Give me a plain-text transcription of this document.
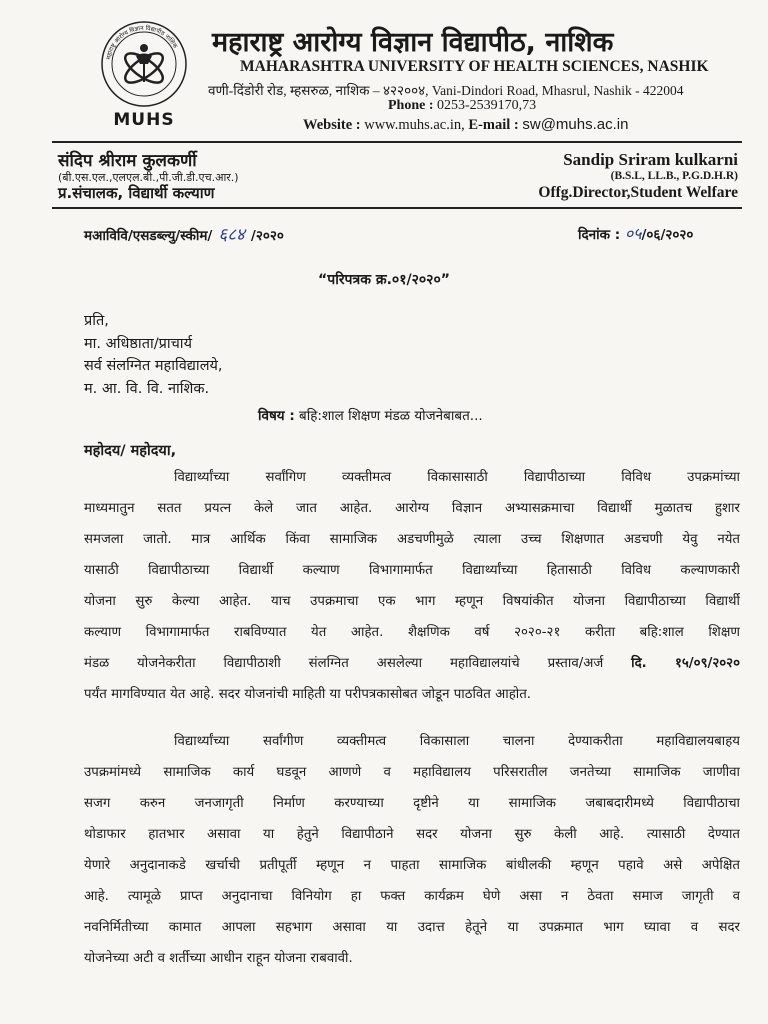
महाराष्ट्र आरोग्य विज्ञान विद्यापीठ नाशिक
MUHS
महाराष्ट्र आरोग्य विज्ञान विद्यापीठ, नाशिक
MAHARASHTRA UNIVERSITY OF HEALTH SCIENCES, NASHIK
वणी-दिंडोरी रोड, म्हसरुळ, नाशिक – ४२२००४, Vani-Dindori Road, Mhasrul, Nashik - 422004
Phone : 0253-2539170,73
Website : www.muhs.ac.in, E-mail : sw@muhs.ac.in
संदिप श्रीराम कुलकर्णी
(बी.एस.एल.,एलएल.बी.,पी.जी.डी.एच.आर.)
प्र.संचालक, विद्यार्थी कल्याण
Sandip Sriram kulkarni
(B.S.L, LL.B., P.G.D.H.R)
Offg.Director,Student Welfare
मआविवि/एसडब्ल्यु/स्कीम/ ६८४ /२०२०	दिनांक : ०५/०६/२०२०
“परिपत्रक क्र.०१/२०२०”
प्रति,
मा. अधिष्ठाता/प्राचार्य
सर्व संलग्नित महाविद्यालये,
म. आ. वि. वि. नाशिक.
विषय : बहि:शाल शिक्षण मंडळ योजनेबाबत...
महोदय/ महोदया,
विद्यार्थ्यांच्या सर्वांगिण व्यक्तीमत्व विकासासाठी विद्यापीठाच्या विविध उपक्रमांच्या
माध्यमातुन सतत प्रयत्न केले जात आहेत. आरोग्य विज्ञान अभ्यासक्रमाचा विद्यार्थी मुळातच हुशार
समजला जातो. मात्र आर्थिक किंवा सामाजिक अडचणीमुळे त्याला उच्च शिक्षणात अडचणी येवु नयेत
यासाठी विद्यापीठाच्या विद्यार्थी कल्याण विभागामार्फत विद्यार्थ्यांच्या हितासाठी विविध कल्याणकारी
योजना सुरु केल्या आहेत. याच उपक्रमाचा एक भाग म्हणून विषयांकीत योजना विद्यापीठाच्या विद्यार्थी
कल्याण विभागामार्फत राबविण्यात येत आहेत. शैक्षणिक वर्ष २०२०-२१ करीता बहि:शाल शिक्षण
मंडळ योजनेकरीता विद्यापीठाशी संलग्नित असलेल्या महाविद्यालयांचे प्रस्ताव/अर्ज दि. १५/०९/२०२०
पर्यंत मागविण्यात येत आहे. सदर योजनांची माहिती या परीपत्रकासोबत जोडून पाठवित आहोत.
विद्यार्थ्यांच्या सर्वांगीण व्यक्तीमत्व विकासाला चालना देण्याकरीता महाविद्यालयबाहय
उपक्रमांमध्ये सामाजिक कार्य घडवून आणणे व महाविद्यालय परिसरातील जनतेच्या सामाजिक जाणीवा
सजग करुन जनजागृती निर्माण करण्याच्या दृष्टीने या सामाजिक जबाबदारीमध्ये विद्यापीठाचा
थोडाफार हातभार असावा या हेतुने विद्यापीठाने सदर योजना सुरु केली आहे. त्यासाठी देण्यात
येणारे अनुदानाकडे खर्चाची प्रतीपूर्ती म्हणून न पाहता सामाजिक बांधीलकी म्हणून पहावे असे अपेक्षित
आहे. त्यामूळे प्राप्त अनुदानाचा विनियोग हा फक्त कार्यक्रम घेणे असा न ठेवता समाज जागृती व
नवनिर्मितीच्या कामात आपला सहभाग असावा या उदात्त हेतूने या उपक्रमात भाग घ्यावा व सदर
योजनेच्या अटी व शर्तीच्या आधीन राहून योजना राबवावी.
